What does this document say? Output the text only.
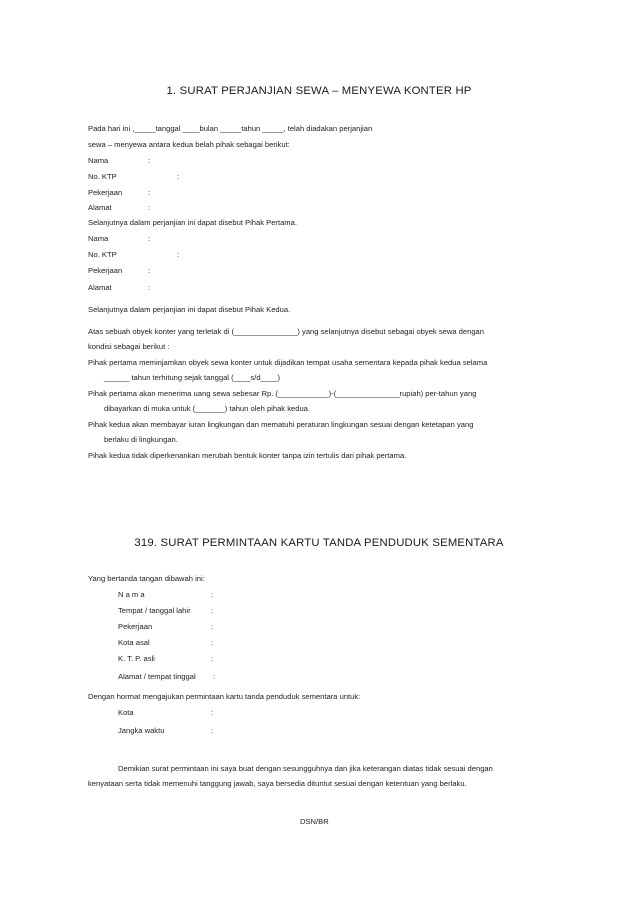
1. SURAT PERJANJIAN SEWA – MENYEWA KONTER HP
Pada hari ini ,_____tanggal ____bulan _____tahun _____, telah diadakan perjanjian
sewa – menyewa antara kedua belah pihak sebagai berikut:
Nama	:
No. KTP	:
Pekerjaan	:
Alamat	:
Selanjutnya dalam perjanjian ini dapat disebut Pihak Pertama.
Nama	:
No. KTP	:
Pekerjaan	:
Alamat	:
Selanjutnya dalam perjanjian ini dapat disebut Pihak Kedua.
Atas sebuah obyek konter yang terletak di (_______________) yang selanjutnya disebut sebagai obyek sewa dengan
kondisi sebagai berikut :
Pihak pertama meminjamkan obyek sewa konter untuk dijadikan tempat usaha sementara kepada pihak kedua selama
______ tahun terhitung sejak tanggal (____s/d____)
Pihak pertama akan menerima uang sewa sebesar Rp. (____________)-(_______________rupiah) per-tahun yang
dibayarkan di muka untuk (_______) tahun oleh pihak kedua.
Pihak kedua akan membayar iuran lingkungan dan mematuhi peraturan lingkungan sesuai dengan ketetapan yang
berlaku di lingkungan.
Pihak kedua tidak diperkenankan merubah bentuk konter tanpa izin tertulis dari pihak pertama.
319. SURAT PERMINTAAN KARTU TANDA PENDUDUK SEMENTARA
Yang bertanda tangan dibawah ini:
N a m a	:
Tempat / tanggal lahir	:
Pekerjaan	:
Kota asal	:
K. T. P. asli	:
Alamat / tempat tinggal :
Dengan hormat mengajukan permintaan kartu tanda penduduk sementara untuk:
Kota	:
Jangka waktu	:
Demikian surat permintaan ini saya buat dengan sesungguhnya dan jika keterangan diatas tidak sesuai dengan
kenyataan serta tidak memenuhi tanggung jawab, saya bersedia dituntut sesuai dengan ketentuan yang berlaku.
DSN/BR
